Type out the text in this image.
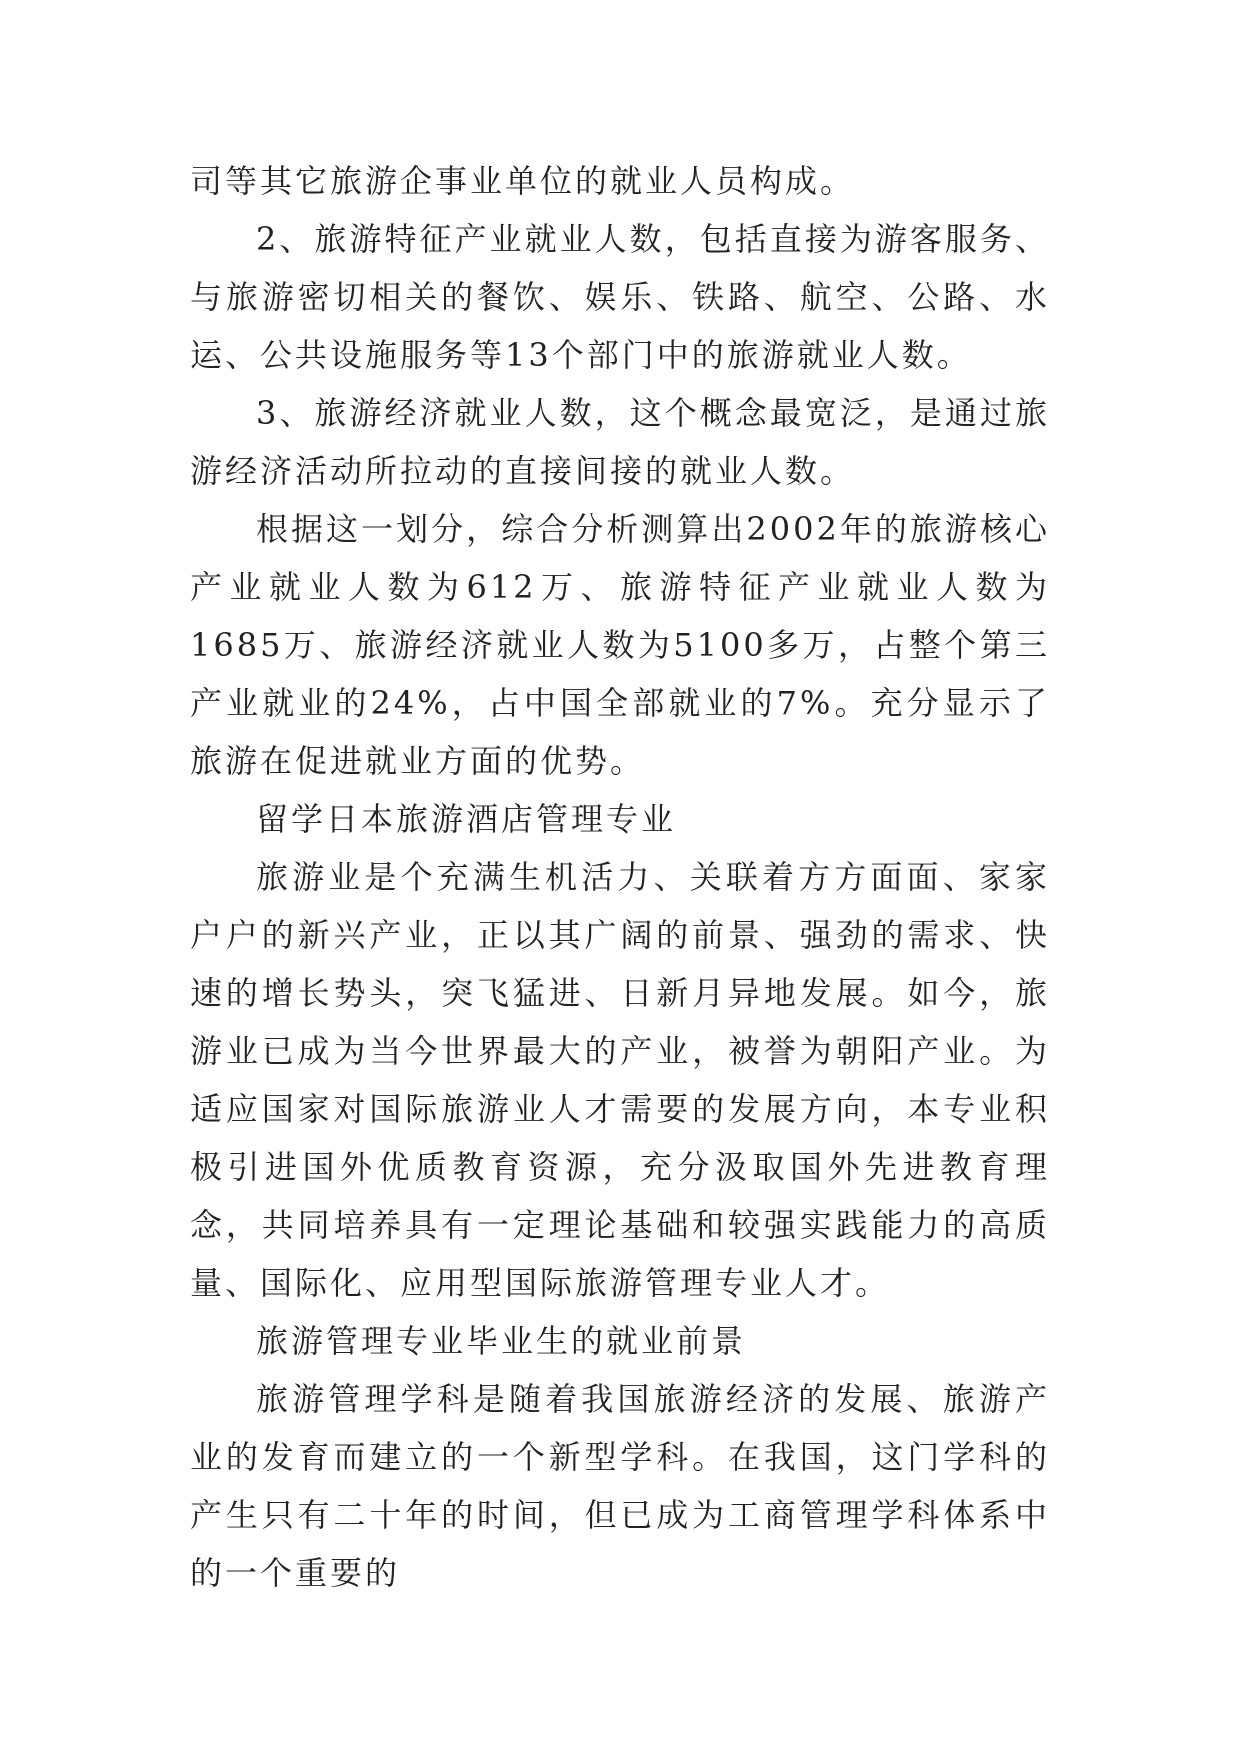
司等其它旅游企事业单位的就业人员构成。

2、旅游特征产业就业人数，包括直接为游客服务、与旅游密切相关的餐饮、娱乐、铁路、航空、公路、水运、公共设施服务等13个部门中的旅游就业人数。

3、旅游经济就业人数，这个概念最宽泛，是通过旅游经济活动所拉动的直接间接的就业人数。

根据这一划分，综合分析测算出2002年的旅游核心产业就业人数为612万、旅游特征产业就业人数为1685万、旅游经济就业人数为5100多万，占整个第三产业就业的24%，占中国全部就业的7%。充分显示了旅游在促进就业方面的优势。

留学日本旅游酒店管理专业

旅游业是个充满生机活力、关联着方方面面、家家户户的新兴产业，正以其广阔的前景、强劲的需求、快速的增长势头，突飞猛进、日新月异地发展。如今，旅游业已成为当今世界最大的产业，被誉为朝阳产业。为适应国家对国际旅游业人才需要的发展方向，本专业积极引进国外优质教育资源，充分汲取国外先进教育理念，共同培养具有一定理论基础和较强实践能力的高质量、国际化、应用型国际旅游管理专业人才。

旅游管理专业毕业生的就业前景

旅游管理学科是随着我国旅游经济的发展、旅游产业的发育而建立的一个新型学科。在我国，这门学科的产生只有二十年的时间，但已成为工商管理学科体系中的一个重要的
